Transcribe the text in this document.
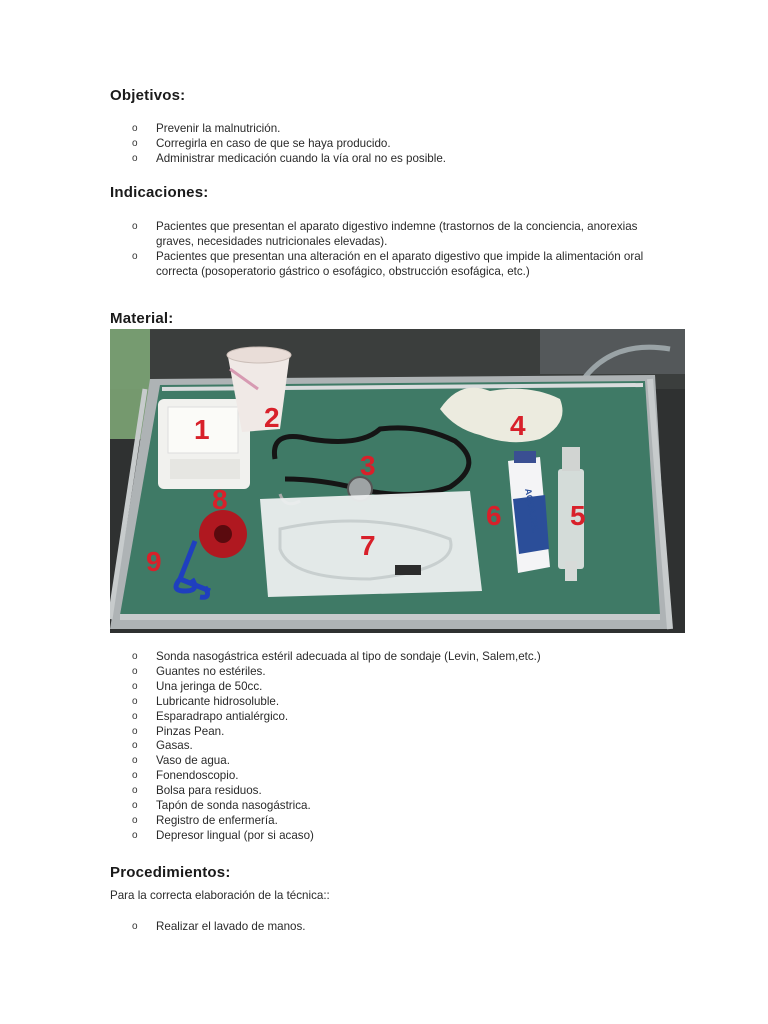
Objetivos:
o Prevenir la malnutrición.
o Corregirla en caso de que se haya producido.
o Administrar medicación cuando la vía oral no es posible.
Indicaciones:
o Pacientes que presentan el aparato digestivo indemne (trastornos de la conciencia, anorexias graves, necesidades nutricionales elevadas).
o Pacientes que presentan una alteración en el aparato digestivo que impide la alimentación oral correcta (posoperatorio gástrico o esofágico, obstrucción esofágica, etc.)
Material:
AQUAGEL
1 2
3
4
5
6
7
8
9
o Sonda nasogástrica estéril adecuada al tipo de sondaje (Levin, Salem,etc.)
o Guantes no estériles.
o Una jeringa de 50cc.
o Lubricante hidrosoluble.
o Esparadrapo antialérgico.
o Pinzas Pean.
o Gasas.
o Vaso de agua.
o Fonendoscopio.
o Bolsa para residuos.
o Tapón de sonda nasogástrica.
o Registro de enfermería.
o Depresor lingual (por si acaso)
Procedimientos:

Para la correcta elaboración de la técnica::

o Realizar el lavado de manos.
